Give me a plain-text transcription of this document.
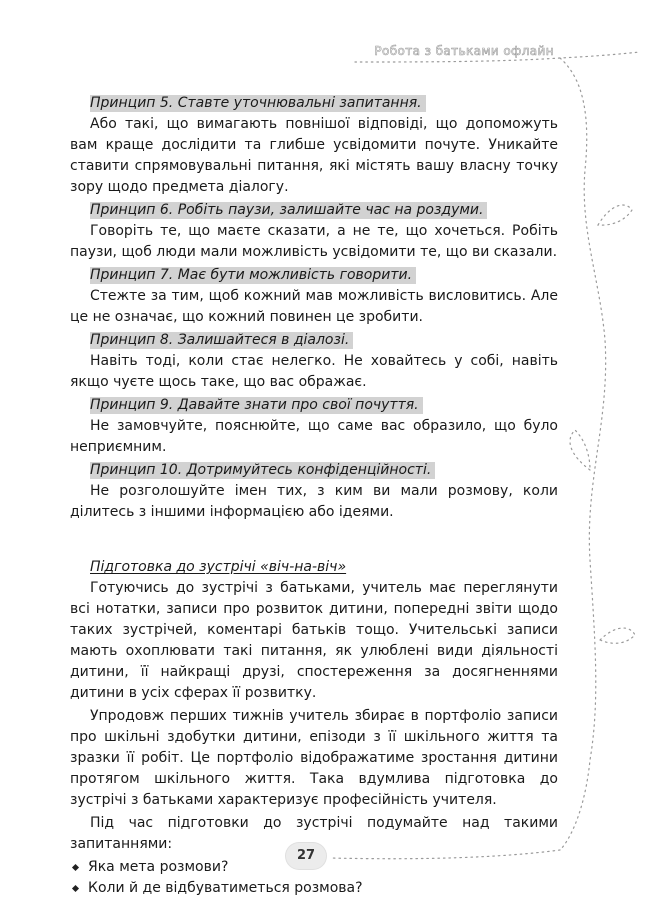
Робота з батьками офлайн

Принцип 5. Ставте уточнювальні запитання.

Або такі, що вимагають повнішої відповіді, що допоможуть вам краще дослідити та глибше усвідомити почуте. Уникайте ставити спрямовувальні питання, які містять вашу власну точку зору щодо предмета діалогу.

Принцип 6. Робіть паузи, залишайте час на роздуми.

Говоріть те, що маєте сказати, а не те, що хочеться. Робіть паузи, щоб люди мали можливість усвідомити те, що ви сказали.

Принцип 7. Має бути можливість говорити.

Стежте за тим, щоб кожний мав можливість висловитись. Але це не означає, що кожний повинен це зробити.

Принцип 8. Залишайтеся в діалозі.

Навіть тоді, коли стає нелегко. Не ховайтесь у собі, навіть якщо чуєте щось таке, що вас ображає.

Принцип 9. Давайте знати про свої почуття.

Не замовчуйте, пояснюйте, що саме вас образило, що було неприємним.

Принцип 10. Дотримуйтесь конфіденційності.

Не розголошуйте імен тих, з ким ви мали розмову, коли ділитесь з іншими інформацією або ідеями.

Підготовка до зустрічі «віч-на-віч»

Готуючись до зустрічі з батьками, учитель має переглянути всі нотатки, записи про розвиток дитини, попередні звіти щодо таких зустрічей, коментарі батьків тощо. Учительські записи мають охоплювати такі питання, як улюблені види діяльності дитини, її найкращі друзі, спостереження за досягненнями дитини в усіх сферах її розвитку.

Упродовж перших тижнів учитель збирає в портфоліо записи про шкільні здобутки дитини, епізоди з її шкільного життя та зразки її робіт. Це портфоліо відображатиме зростання дитини протягом шкільного життя. Така вдумлива підготовка до зустрічі з батьками характеризує професійність учителя.

Під час підготовки до зустрічі подумайте над такими запитаннями:

Яка мета розмови?
Коли й де відбуватиметься розмова?
27
